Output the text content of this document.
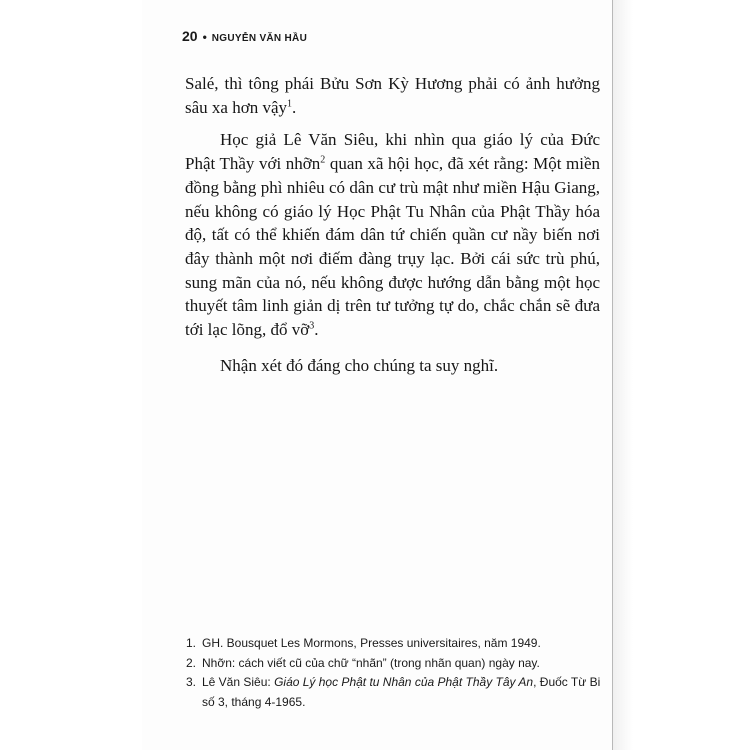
20 • NGUYỄN VĂN HẦU

Salé, thì tông phái Bửu Sơn Kỳ Hương phải có ảnh hưởng sâu xa hơn vậy$^1$.

Học giả Lê Văn Siêu, khi nhìn qua giáo lý của Đức Phật Thầy với nhỡn$^2$ quan xã hội học, đã xét rằng: Một miền đồng bằng phì nhiêu có dân cư trù mật như miền Hậu Giang, nếu không có giáo lý Học Phật Tu Nhân của Phật Thầy hóa độ, tất có thể khiến đám dân tứ chiến quần cư nầy biến nơi đây thành một nơi điếm đàng trụy lạc. Bởi cái sức trù phú, sung mãn của nó, nếu không được hướng dẫn bằng một học thuyết tâm linh giản dị trên tư tưởng tự do, chắc chắn sẽ đưa tới lạc lõng, đổ vỡ$^3$.

Nhận xét đó đáng cho chúng ta suy nghĩ.

1. GH. Bousquet Les Mormons, Presses universitaires, năm 1949.
2. Nhỡn: cách viết cũ của chữ “nhãn” (trong nhãn quan) ngày nay.
3. Lê Văn Siêu: Giáo Lý học Phật tu Nhân của Phật Thầy Tây An, Đuốc Từ Bi số 3, tháng 4-1965.
